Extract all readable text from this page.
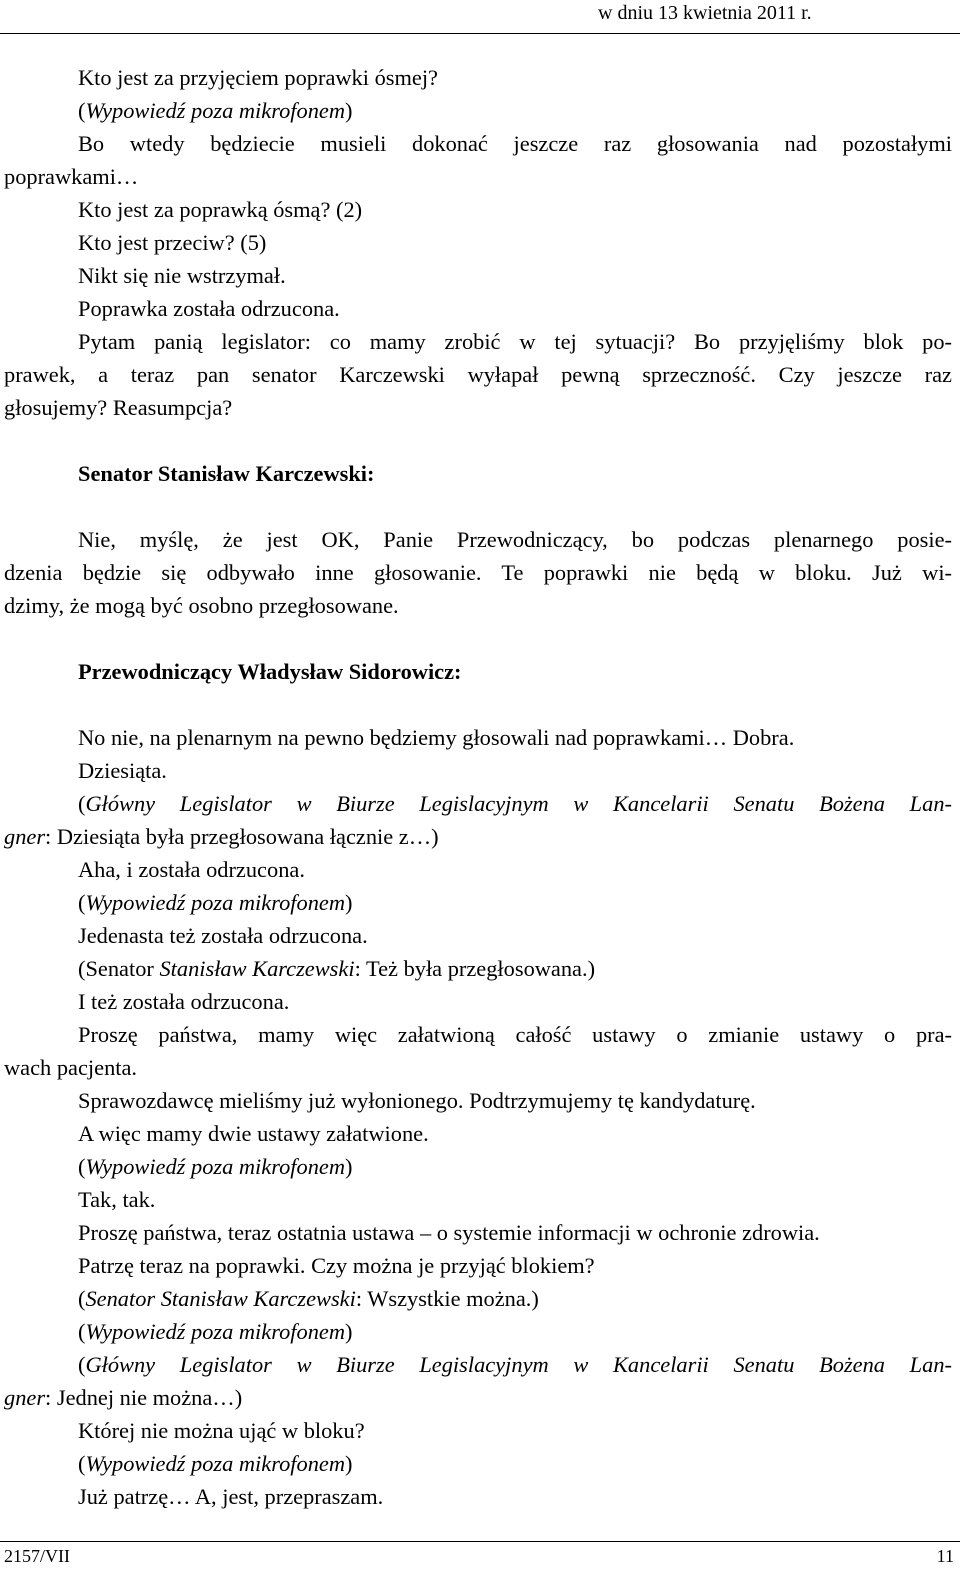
w dniu 13 kwietnia 2011 r.
Kto jest za przyjęciem poprawki ósmej?
(Wypowiedź poza mikrofonem)
Bo wtedy będziecie musieli dokonać jeszcze raz głosowania nad pozostałymi
poprawkami…
Kto jest za poprawką ósmą? (2)
Kto jest przeciw? (5)
Nikt się nie wstrzymał.
Poprawka została odrzucona.
Pytam panią legislator: co mamy zrobić w tej sytuacji? Bo przyjęliśmy blok po-
prawek, a teraz pan senator Karczewski wyłapał pewną sprzeczność. Czy jeszcze raz
głosujemy? Reasumpcja?
Senator Stanisław Karczewski:
Nie, myślę, że jest OK, Panie Przewodniczący, bo podczas plenarnego posie-
dzenia będzie się odbywało inne głosowanie. Te poprawki nie będą w bloku. Już wi-
dzimy, że mogą być osobno przegłosowane.
Przewodniczący Władysław Sidorowicz:
No nie, na plenarnym na pewno będziemy głosowali nad poprawkami… Dobra.
Dziesiąta.
(Główny Legislator w Biurze Legislacyjnym w Kancelarii Senatu Bożena Lan-
gner: Dziesiąta była przegłosowana łącznie z…)
Aha, i została odrzucona.
(Wypowiedź poza mikrofonem)
Jedenasta też została odrzucona.
(Senator Stanisław Karczewski: Też była przegłosowana.)
I też została odrzucona.
Proszę państwa, mamy więc załatwioną całość ustawy o zmianie ustawy o pra-
wach pacjenta.
Sprawozdawcę mieliśmy już wyłonionego. Podtrzymujemy tę kandydaturę.
A więc mamy dwie ustawy załatwione.
(Wypowiedź poza mikrofonem)
Tak, tak.
Proszę państwa, teraz ostatnia ustawa – o systemie informacji w ochronie zdrowia.
Patrzę teraz na poprawki. Czy można je przyjąć blokiem?
(Senator Stanisław Karczewski: Wszystkie można.)
(Wypowiedź poza mikrofonem)
(Główny Legislator w Biurze Legislacyjnym w Kancelarii Senatu Bożena Lan-
gner: Jednej nie można…)
Której nie można ująć w bloku?
(Wypowiedź poza mikrofonem)
Już patrzę… A, jest, przepraszam.
2157/VII	11
